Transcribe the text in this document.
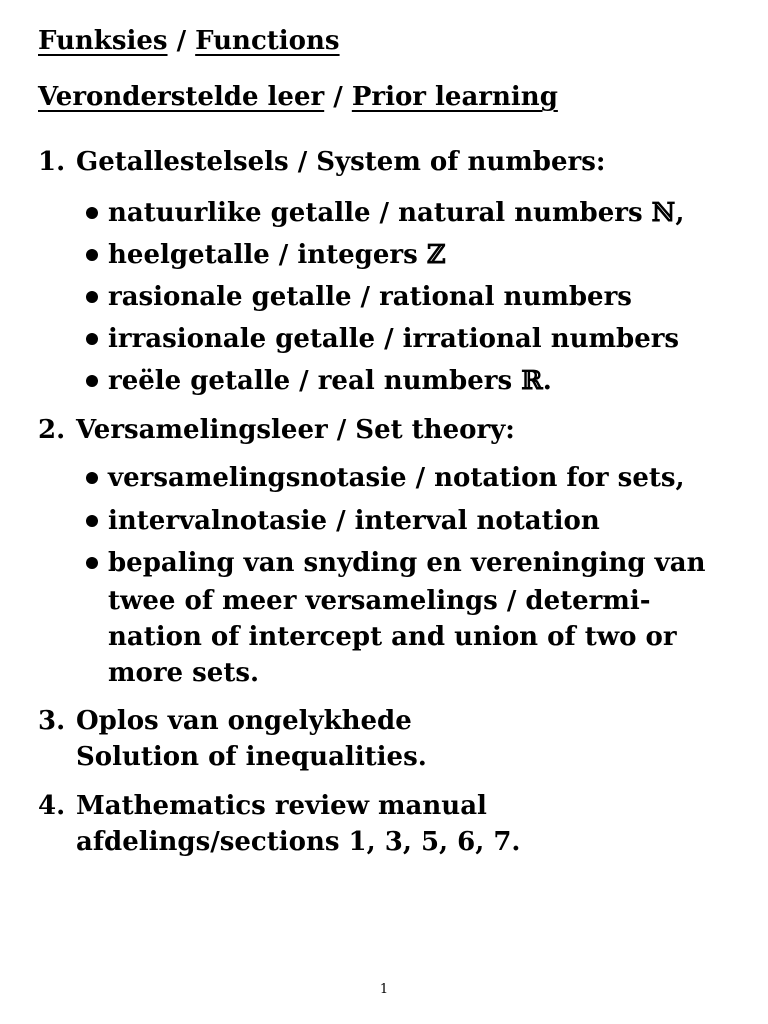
Funksies / Functions
Veronderstelde leer / Prior learning
1. Getallestelsels / System of numbers:
natuurlike getalle / natural numbers ℕ,
heelgetalle / integers ℤ
rasionale getalle / rational numbers
irrasionale getalle / irrational numbers
reële getalle / real numbers ℝ.
2. Versamelingsleer / Set theory:
versamelingsnotasie / notation for sets,
intervalnotasie / interval notation
bepaling van snyding en vereninging van
twee of meer versamelings / determi-
nation of intercept and union of two or
more sets.
3. Oplos van ongelykhede
Solution of inequalities.
4. Mathematics review manual
afdelings/sections 1, 3, 5, 6, 7.
1
